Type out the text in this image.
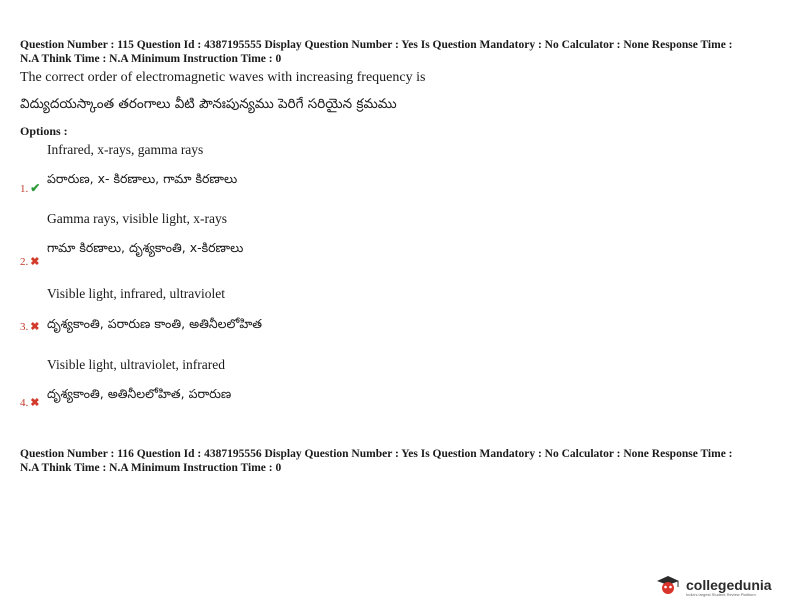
Question Number : 115 Question Id : 4387195555 Display Question Number : Yes Is Question Mandatory : No Calculator : None Response Time :
N.A Think Time : N.A Minimum Instruction Time : 0
The correct order of electromagnetic waves with increasing frequency is
విద్యుదయస్కాంత తరంగాలు వీటి పౌనఃపున్యము పెరిగే సరియైన క్రమము
Options :
Infrared, x-rays, gamma rays
పరారుణ, x- కిరణాలు, గామా కిరణాలు
1. ✔
Gamma rays, visible light, x-rays
గామా కిరణాలు, దృశ్యకాంతి, x-కిరణాలు
2. ✖
Visible light, infrared, ultraviolet
దృశ్యకాంతి, పరారుణ కాంతి, అతినీలలోహిత
3. ✖
Visible light, ultraviolet, infrared
దృశ్యకాంతి, అతినీలలోహిత, పరారుణ
4. ✖
Question Number : 116 Question Id : 4387195556 Display Question Number : Yes Is Question Mandatory : No Calculator : None Response Time :
N.A Think Time : N.A Minimum Instruction Time : 0
collegedunia
India's largest Student Review Platform
